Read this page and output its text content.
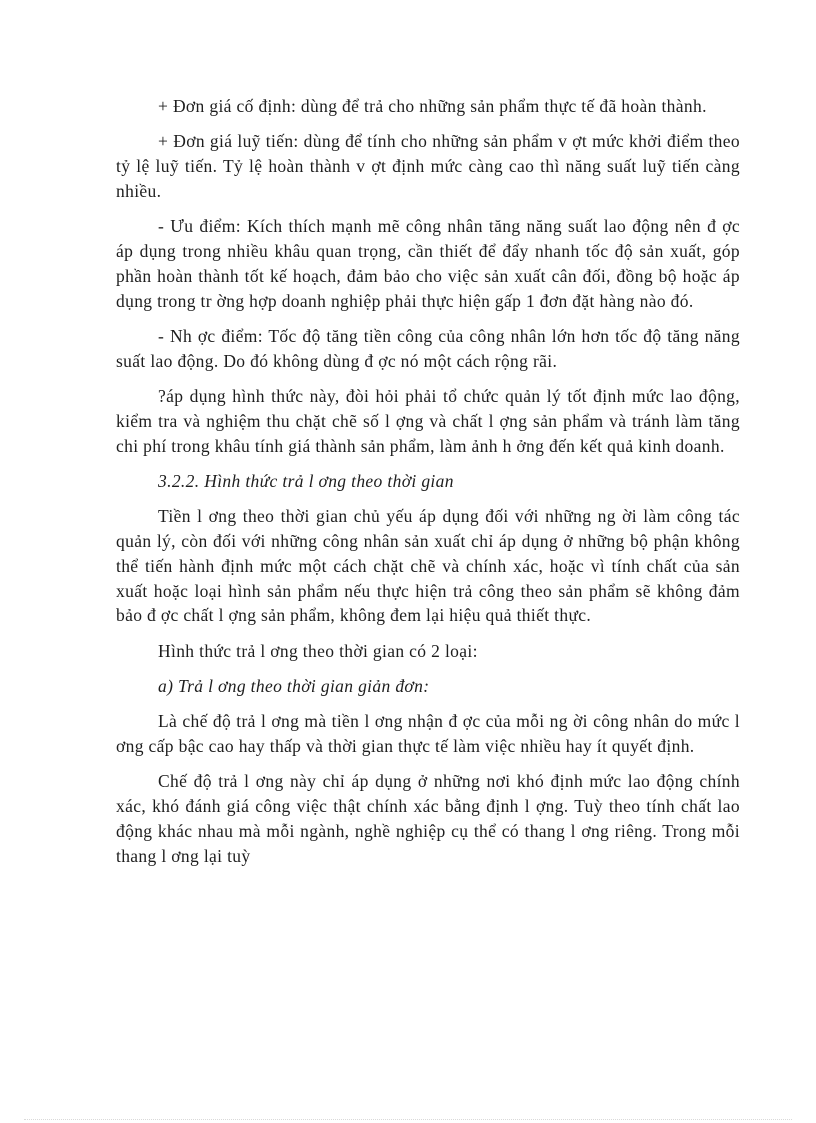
+ Đơn giá cố định: dùng để trả cho những sản phẩm thực tế đã hoàn thành.

+ Đơn giá luỹ tiến: dùng để tính cho những sản phẩm v ợt mức khởi điểm theo tỷ lệ luỹ tiến. Tỷ lệ hoàn thành v ợt định mức càng cao thì năng suất luỹ tiến càng nhiều.

- Ưu điểm: Kích thích mạnh mẽ công nhân tăng năng suất lao động nên đ ợc áp dụng trong nhiều khâu quan trọng, cần thiết để đẩy nhanh tốc độ sản xuất, góp phần hoàn thành tốt kế hoạch, đảm bảo cho việc sản xuất cân đối, đồng bộ hoặc áp dụng trong tr ờng hợp doanh nghiệp phải thực hiện gấp 1 đơn đặt hàng nào đó.

- Nh ợc điểm: Tốc độ tăng tiền công của công nhân lớn hơn tốc độ tăng năng suất lao động. Do đó không dùng đ ợc nó một cách rộng rãi.

?áp dụng hình thức này, đòi hỏi phải tổ chức quản lý tốt định mức lao động, kiểm tra và nghiệm thu chặt chẽ số l ợng và chất l ợng sản phẩm và tránh làm tăng chi phí trong khâu tính giá thành sản phẩm, làm ảnh h ởng đến kết quả kinh doanh.

3.2.2. Hình thức trả l ơng theo thời gian

Tiền l ơng theo thời gian chủ yếu áp dụng đối với những ng ời làm công tác quản lý, còn đối với những công nhân sản xuất chỉ áp dụng ở những bộ phận không thể tiến hành định mức một cách chặt chẽ và chính xác, hoặc vì tính chất của sản xuất hoặc loại hình sản phẩm nếu thực hiện trả công theo sản phẩm sẽ không đảm bảo đ ợc chất l ợng sản phẩm, không đem lại hiệu quả thiết thực.

Hình thức trả l ơng theo thời gian có 2 loại:

a) Trả l ơng theo thời gian giản đơn:

Là chế độ trả l ơng mà tiền l ơng nhận đ ợc của mỗi ng ời công nhân do mức l ơng cấp bậc cao hay thấp và thời gian thực tế làm việc nhiều hay ít quyết định.

Chế độ trả l ơng này chỉ áp dụng ở những nơi khó định mức lao động chính xác, khó đánh giá công việc thật chính xác bằng định l ợng. Tuỳ theo tính chất lao động khác nhau mà mỗi ngành, nghề nghiệp cụ thể có thang l ơng riêng. Trong mỗi thang l ơng lại tuỳ
